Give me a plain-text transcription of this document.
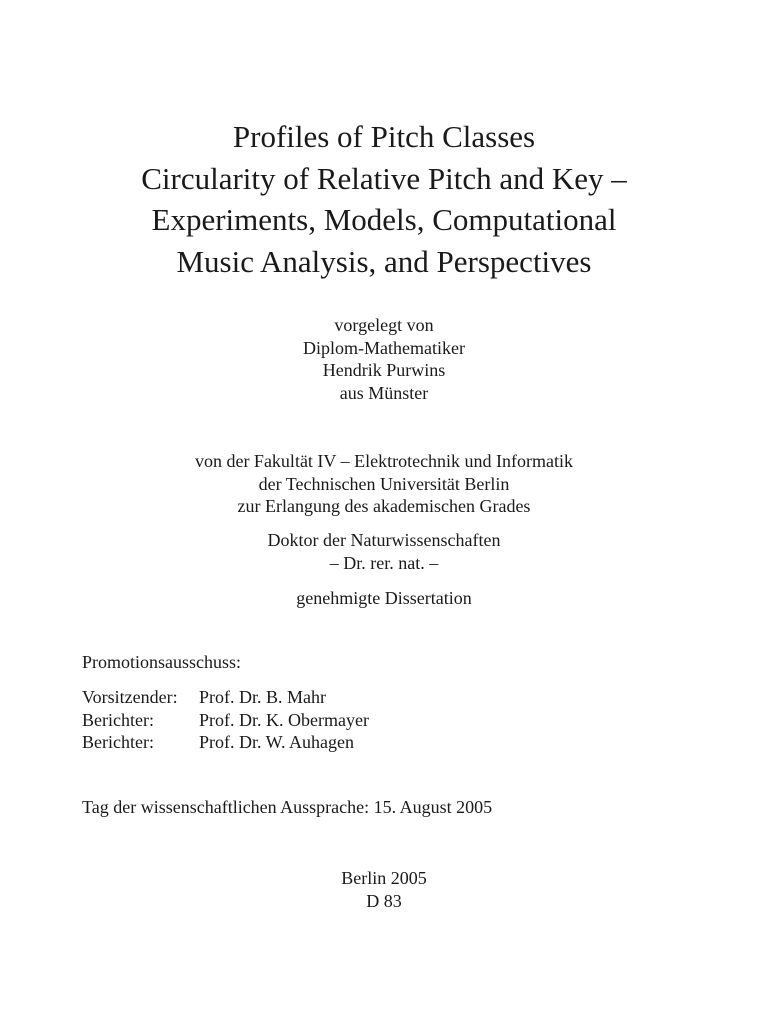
Profiles of Pitch Classes
Circularity of Relative Pitch and Key –
Experiments, Models, Computational
Music Analysis, and Perspectives
vorgelegt von
Diplom-Mathematiker
Hendrik Purwins
aus Münster
von der Fakultät IV – Elektrotechnik und Informatik
der Technischen Universität Berlin
zur Erlangung des akademischen Grades
Doktor der Naturwissenschaften
– Dr. rer. nat. –
genehmigte Dissertation
Promotionsausschuss:
Vorsitzender:	Prof. Dr. B. Mahr
Berichter:	Prof. Dr. K. Obermayer
Berichter:	Prof. Dr. W. Auhagen
Tag der wissenschaftlichen Aussprache: 15. August 2005
Berlin 2005
D 83
